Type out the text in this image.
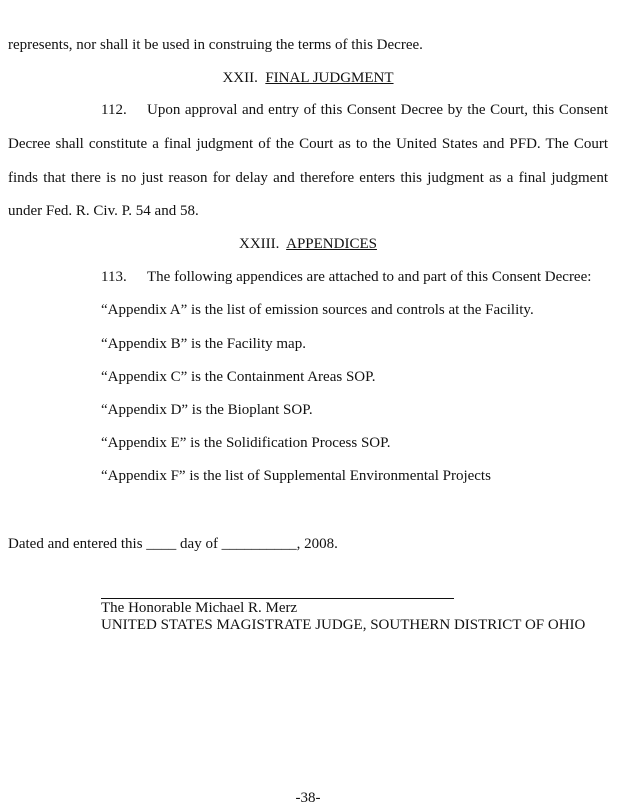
represents, nor shall it be used in construing the terms of this Decree.
XXII. FINAL JUDGMENT
112. Upon approval and entry of this Consent Decree by the Court, this Consent
Decree shall constitute a final judgment of the Court as to the United States and PFD. The Court
finds that there is no just reason for delay and therefore enters this judgment as a final judgment
under Fed. R. Civ. P. 54 and 58.
XXIII. APPENDICES
113. The following appendices are attached to and part of this Consent Decree:
“Appendix A” is the list of emission sources and controls at the Facility.
“Appendix B” is the Facility map.
“Appendix C” is the Containment Areas SOP.
“Appendix D” is the Bioplant SOP.
“Appendix E” is the Solidification Process SOP.
“Appendix F” is the list of Supplemental Environmental Projects
Dated and entered this ____ day of __________, 2008.
The Honorable Michael R. Merz
UNITED STATES MAGISTRATE JUDGE, SOUTHERN DISTRICT OF OHIO
-38-
